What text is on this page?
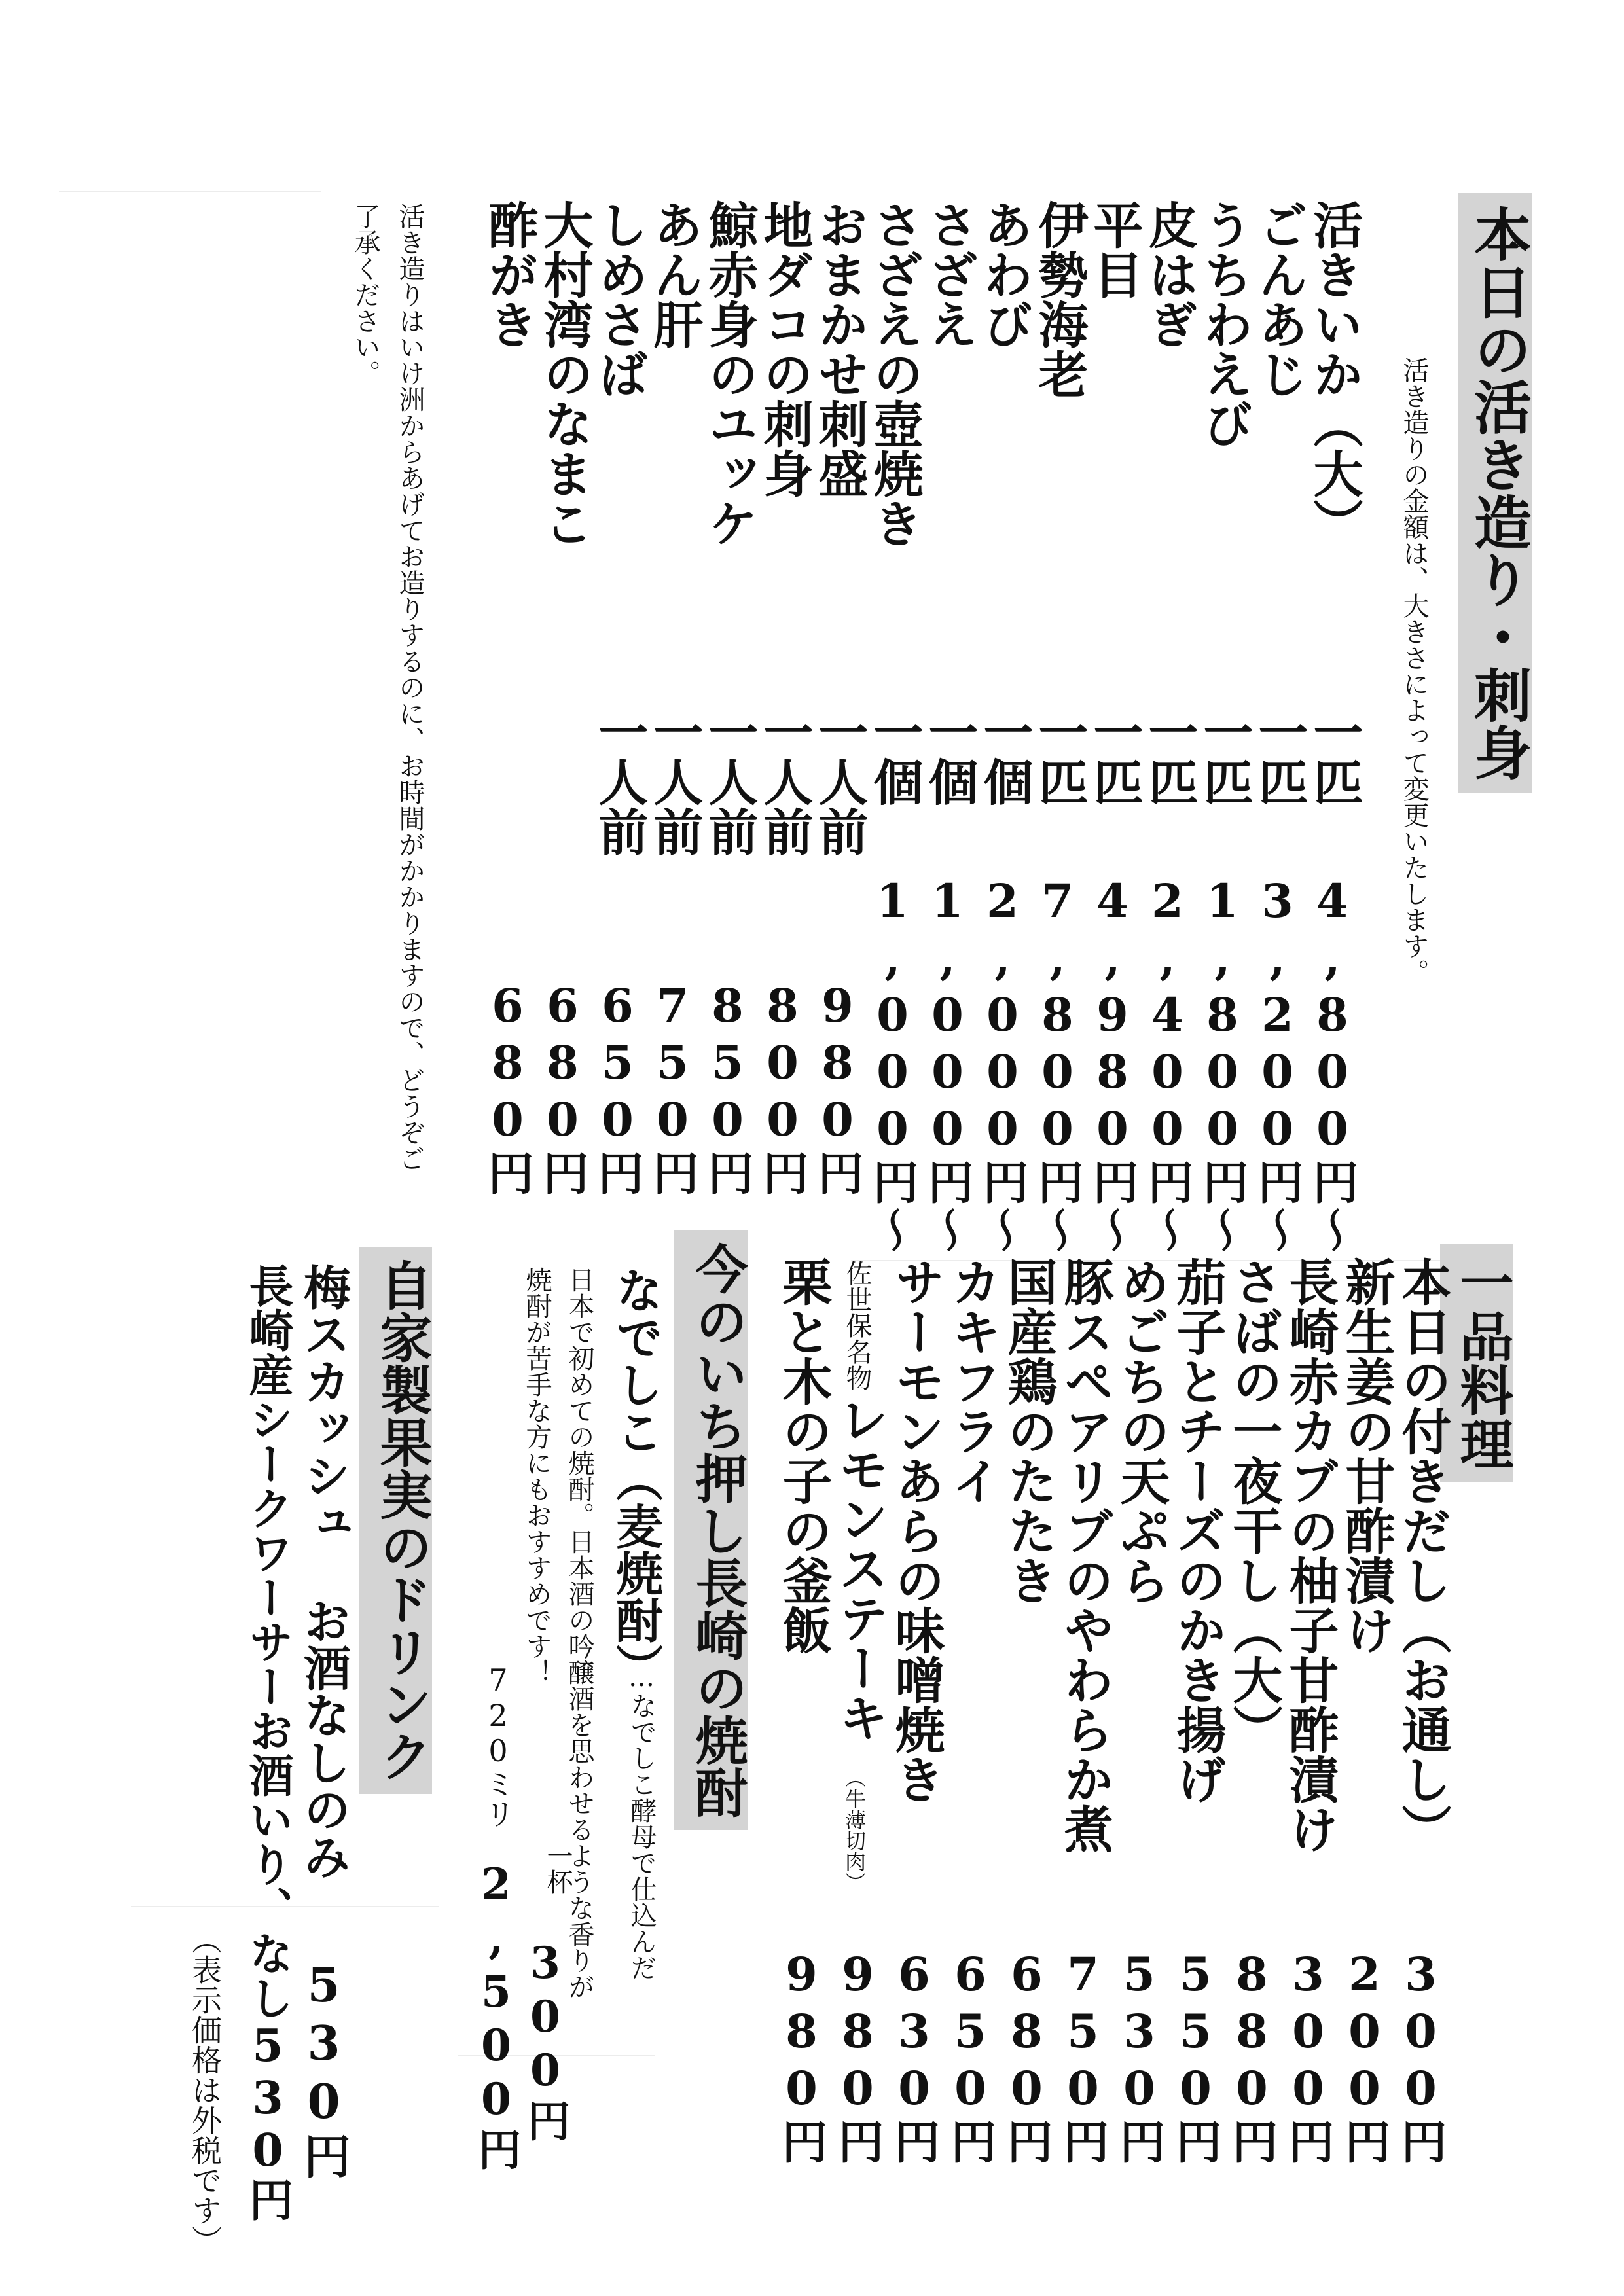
本日の活き造り・刺身
活き造りの金額は、大きさによって変更いたします。
活きいか（大）
ごんあじ
うちわえび
皮はぎ
平目
伊勢海老
あわび
さざえ
さざえの壺焼き
おまかせ刺盛
地ダコの刺身
鯨赤身のユッケ
あん肝
しめさば
大村湾のなまこ
酢がき
一匹
一匹
一匹
一匹
一匹
一匹
一個
一個
一個
一人前
一人前
一人前
一人前
一人前
4,800円〜
3,200円〜
1,800円〜
2,400円〜
4,980円〜
7,800円〜
2,000円〜
1,000円〜
1,000円〜
980円
800円
850円
750円
650円
680円
680円
活き造りはいけ洲からあげてお造りするのに、お時間がかかりますので、どうぞご了承ください。
一品料理
本日の付きだし（お通し）
新生姜の甘酢漬け
長崎赤カブの柚子甘酢漬け
さばの一夜干し（大）
茄子とチーズのかき揚げ
めごちの天ぷら
豚スペアリブのやわらか煮
国産鶏のたたき
カキフライ
サーモンあらの味噌焼き
佐世保名物
レモンステーキ
（牛薄切肉）
栗と木の子の釜飯
300円
200円
300円
880円
550円
530円
750円
680円
650円
630円
980円
980円
今のいち押し長崎の焼酎
なでしこ（麦焼酎）
…なでしこ酵母で仕込んだ
日本で初めての焼酎。日本酒の吟醸酒を思わせるような香りが
焼酎が苦手な方にもおすすめです！
一杯
300円
720ミリ
2,500円
自家製果実のドリンク
梅スカッシュ
お酒なしのみ
530円
長崎産シークワーサーお酒いり、なし530円
（表示価格は外税です）
